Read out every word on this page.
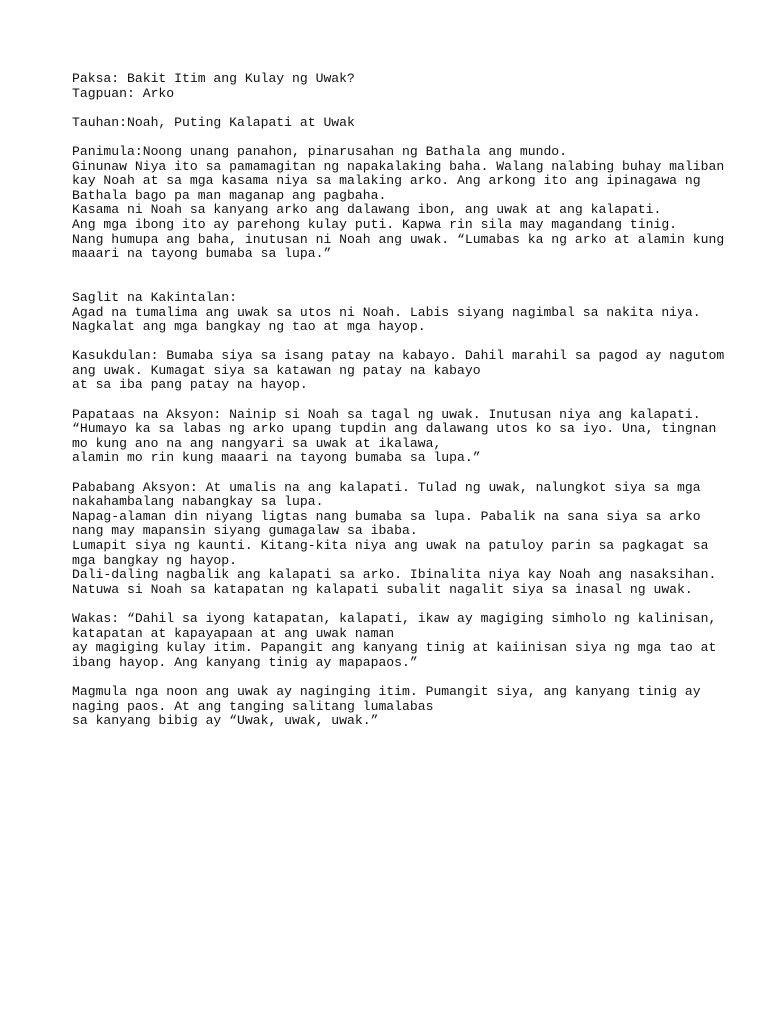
Paksa: Bakit Itim ang Kulay ng Uwak?
Tagpuan: Arko

Tauhan:Noah, Puting Kalapati at Uwak

Panimula:Noong unang panahon, pinarusahan ng Bathala ang mundo.
Ginunaw Niya ito sa pamamagitan ng napakalaking baha. Walang nalabing buhay maliban
kay Noah at sa mga kasama niya sa malaking arko. Ang arkong ito ang ipinagawa ng
Bathala bago pa man maganap ang pagbaha.
Kasama ni Noah sa kanyang arko ang dalawang ibon, ang uwak at ang kalapati.
Ang mga ibong ito ay parehong kulay puti. Kapwa rin sila may magandang tinig.
Nang humupa ang baha, inutusan ni Noah ang uwak. “Lumabas ka ng arko at alamin kung
maaari na tayong bumaba sa lupa.”

Saglit na Kakintalan:
Agad na tumalima ang uwak sa utos ni Noah. Labis siyang nagimbal sa nakita niya.
Nagkalat ang mga bangkay ng tao at mga hayop.

Kasukdulan: Bumaba siya sa isang patay na kabayo. Dahil marahil sa pagod ay nagutom
ang uwak. Kumagat siya sa katawan ng patay na kabayo
at sa iba pang patay na hayop.

Papataas na Aksyon: Nainip si Noah sa tagal ng uwak. Inutusan niya ang kalapati.
“Humayo ka sa labas ng arko upang tupdin ang dalawang utos ko sa iyo. Una, tingnan
mo kung ano na ang nangyari sa uwak at ikalawa,
alamin mo rin kung maaari na tayong bumaba sa lupa.”

Pababang Aksyon: At umalis na ang kalapati. Tulad ng uwak, nalungkot siya sa mga
nakahambalang nabangkay sa lupa.
Napag-alaman din niyang ligtas nang bumaba sa lupa. Pabalik na sana siya sa arko
nang may mapansin siyang gumagalaw sa ibaba.
Lumapit siya ng kaunti. Kitang-kita niya ang uwak na patuloy parin sa pagkagat sa
mga bangkay ng hayop.
Dali-daling nagbalik ang kalapati sa arko. Ibinalita niya kay Noah ang nasaksihan.
Natuwa si Noah sa katapatan ng kalapati subalit nagalit siya sa inasal ng uwak.

Wakas: “Dahil sa iyong katapatan, kalapati, ikaw ay magiging simholo ng kalinisan,
katapatan at kapayapaan at ang uwak naman
ay magiging kulay itim. Papangit ang kanyang tinig at kaiinisan siya ng mga tao at
ibang hayop. Ang kanyang tinig ay mapapaos.”

Magmula nga noon ang uwak ay naginging itim. Pumangit siya, ang kanyang tinig ay
naging paos. At ang tanging salitang lumalabas
sa kanyang bibig ay “Uwak, uwak, uwak.”
